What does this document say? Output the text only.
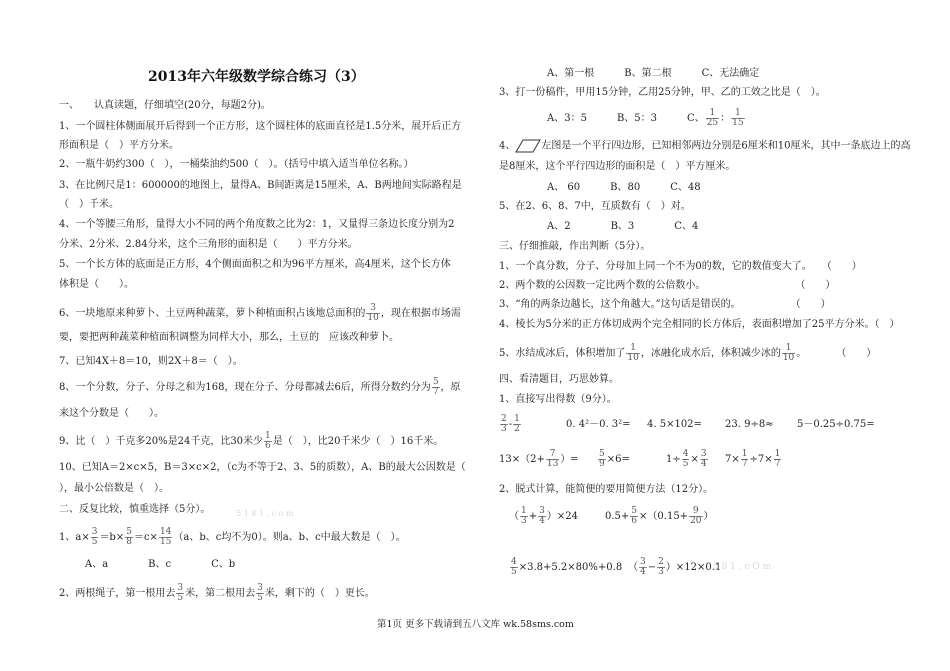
2013年六年级数学综合练习（3）
一、　　认真读题，仔细填空(20分，每题2分)。
1、一个圆柱体侧面展开后得到一个正方形，这个圆柱体的底面直径是1.5分米，展开后正方
形面积是（　）平方分米。
2、一瓶牛奶约300（　），一桶柴油约500（　）。（括号中填入适当单位名称。）
3、在比例尺是1：600000的地图上，量得A、B间距离是15厘米，A、B两地间实际路程是
（　）千米。
4、一个等腰三角形，量得大小不同的两个角度数之比为2：1，又量得三条边长度分别为2
分米、2分米、2.84分米，这个三角形的面积是（　　）平方分米。
5、一个长方体的底面是正方形，4个侧面面积之和为96平方厘米，高4厘米，这个长方体
体积是（　　）。
6、一块地原来种萝卜、土豆两种蔬菜，萝卜种植面积占该地总面积的 $\frac{3}{10}$ ，现在根据市场需
要，要把两种蔬菜种植面积调整为同样大小，那么，土豆的　应该改种萝卜。
7、已知4X＋8＝10，则2X＋8＝（　）。
8、一个分数，分子、分母之和为168，现在分子、分母都减去6后，所得分数约分为 $\frac{5}{7}$ ，原
来这个分数是（　　）。
9、比（　）千克多20%是24千克，比30米少 $\frac{1}{6}$ 是（　），比20千米少（　）16千米。
10、已知A＝2×c×5，B＝3×c×2，（c为不等于2、3、5的质数），A、B的最大公因数是（
），最小公倍数是（　）。
二、反复比较，慎重选择（5分）。	5 1 8 1 . c o m
1、$a\times \frac{3}{5} =b\times \frac{5}{8} =c\times \frac{14}{15} (a$、b、c均不为0）。则a、b、c中最大数是（　）。
A、a　　　　B、c　　　　C、b
2、两根绳子，第一根用去 $\frac{3}{5}$ 米，第二根用去 $\frac{3}{5}$ 米，剩下的（　）更长。
A、第一根　　　B、第二根　　　C、无法确定
3、打一份稿件，甲用15分钟，乙用25分钟，甲、乙的工效之比是（　）。
A、3：5　　　B、5：3　　　C、 $\frac{1}{25}$ ： $\frac{1}{15}$
4、	左图是一个平行四边形，已知相邻两边分别是6厘米和10厘米，其中一条底边上的高
是8厘米，这个平行四边形的面积是（　）平方厘米。
A、 60　　　B、80　　　C、48
5、在2、6、8、7中，互质数有（　）对。
A、2　　　　B、3　　　　C、4
三、仔细推敲，作出判断（5分）。
1、一个真分数，分子、分母加上同一个不为0的数，它的数值变大了。　　（　　）
2、两个数的公因数一定比两个数的公倍数小。　　　　　　　　　　（　　）
3、“角的两条边越长，这个角越大。”这句话是错误的。　　　　　　（　　）
4、棱长为5分米的正方体切成两个完全相同的长方体后，表面积增加了25平方分米。（　）
5、水结成冰后，体积增加了 $\frac{1}{10}$ ，冰融化成水后，体积减少冰的 $\frac{1}{10}$ 。　　　　（　　）
四、看清题目，巧思妙算。
1、直接写出得数（9分）。
$\frac{2}{3} - \frac{1}{2}$	0. 4²－0. 3²= 4. 5×102= 23. 9÷8≈ 5－0.25÷0.75=
$13\times(2+ \frac{7}{13}$ ）= $\frac{5}{9} \times 6=$	$1\div \frac{4}{5} \times \frac{3}{4} 7\times \frac{1}{7} \div 7\times \frac{1}{7}$
2、脱式计算，能简便的要用简便方法（12分）。
（ $\frac{1}{3} + \frac{3}{4} )\times 24$	$0.5+ \frac{5}{6} \times(0.15+ \frac{9}{20}$ ）
$\frac{4}{5} \times 3.8+5.2\times 80\%+0.8$ （ $\frac{3}{4} - \frac{2}{3} )\times 12\times 0.1$
5 8 1 . c O m
第1页 更多下载请到五八文库 wk.58sms.com
